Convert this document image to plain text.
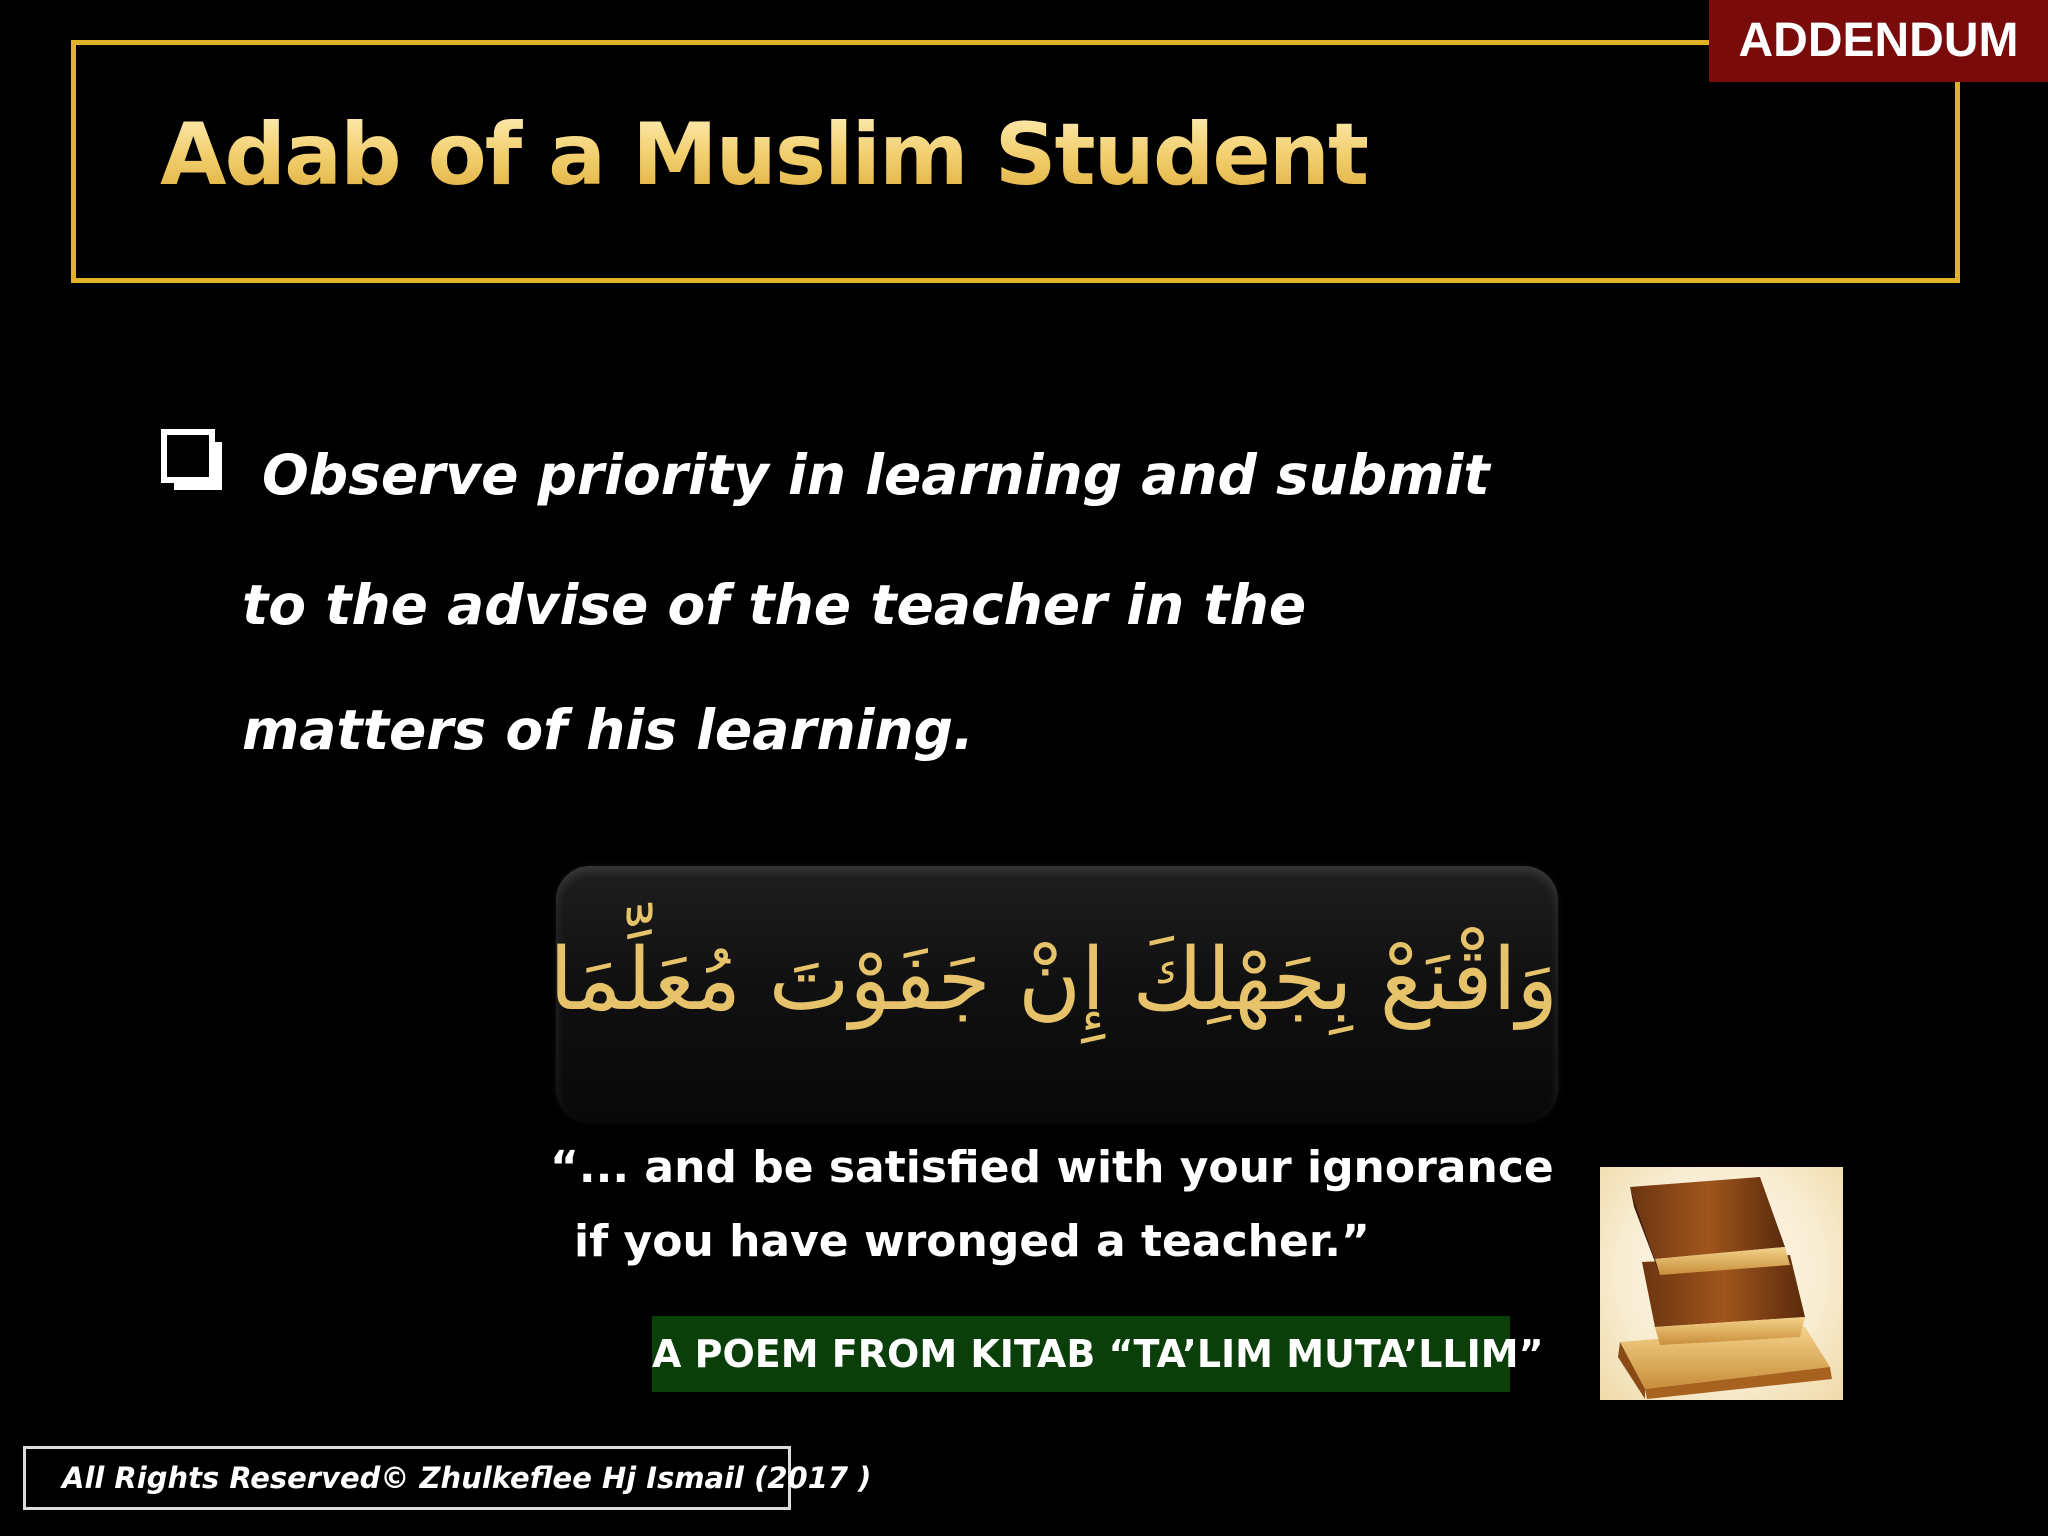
ADDENDUM
Adab of a Muslim Student
Observe priority in learning and submit
to the advise of the teacher in the
matters of his learning.
وَاقْنَعْ بِجَهْلِكَ إِنْ جَفَوْتَ مُعَلِّمَا
“... and be satisfied with your ignorance
if you have wronged a teacher.”
A POEM FROM KITAB “TA’LIM MUTA’LLIM”
All Rights Reserved© Zhulkeflee Hj Ismail (2017 )
